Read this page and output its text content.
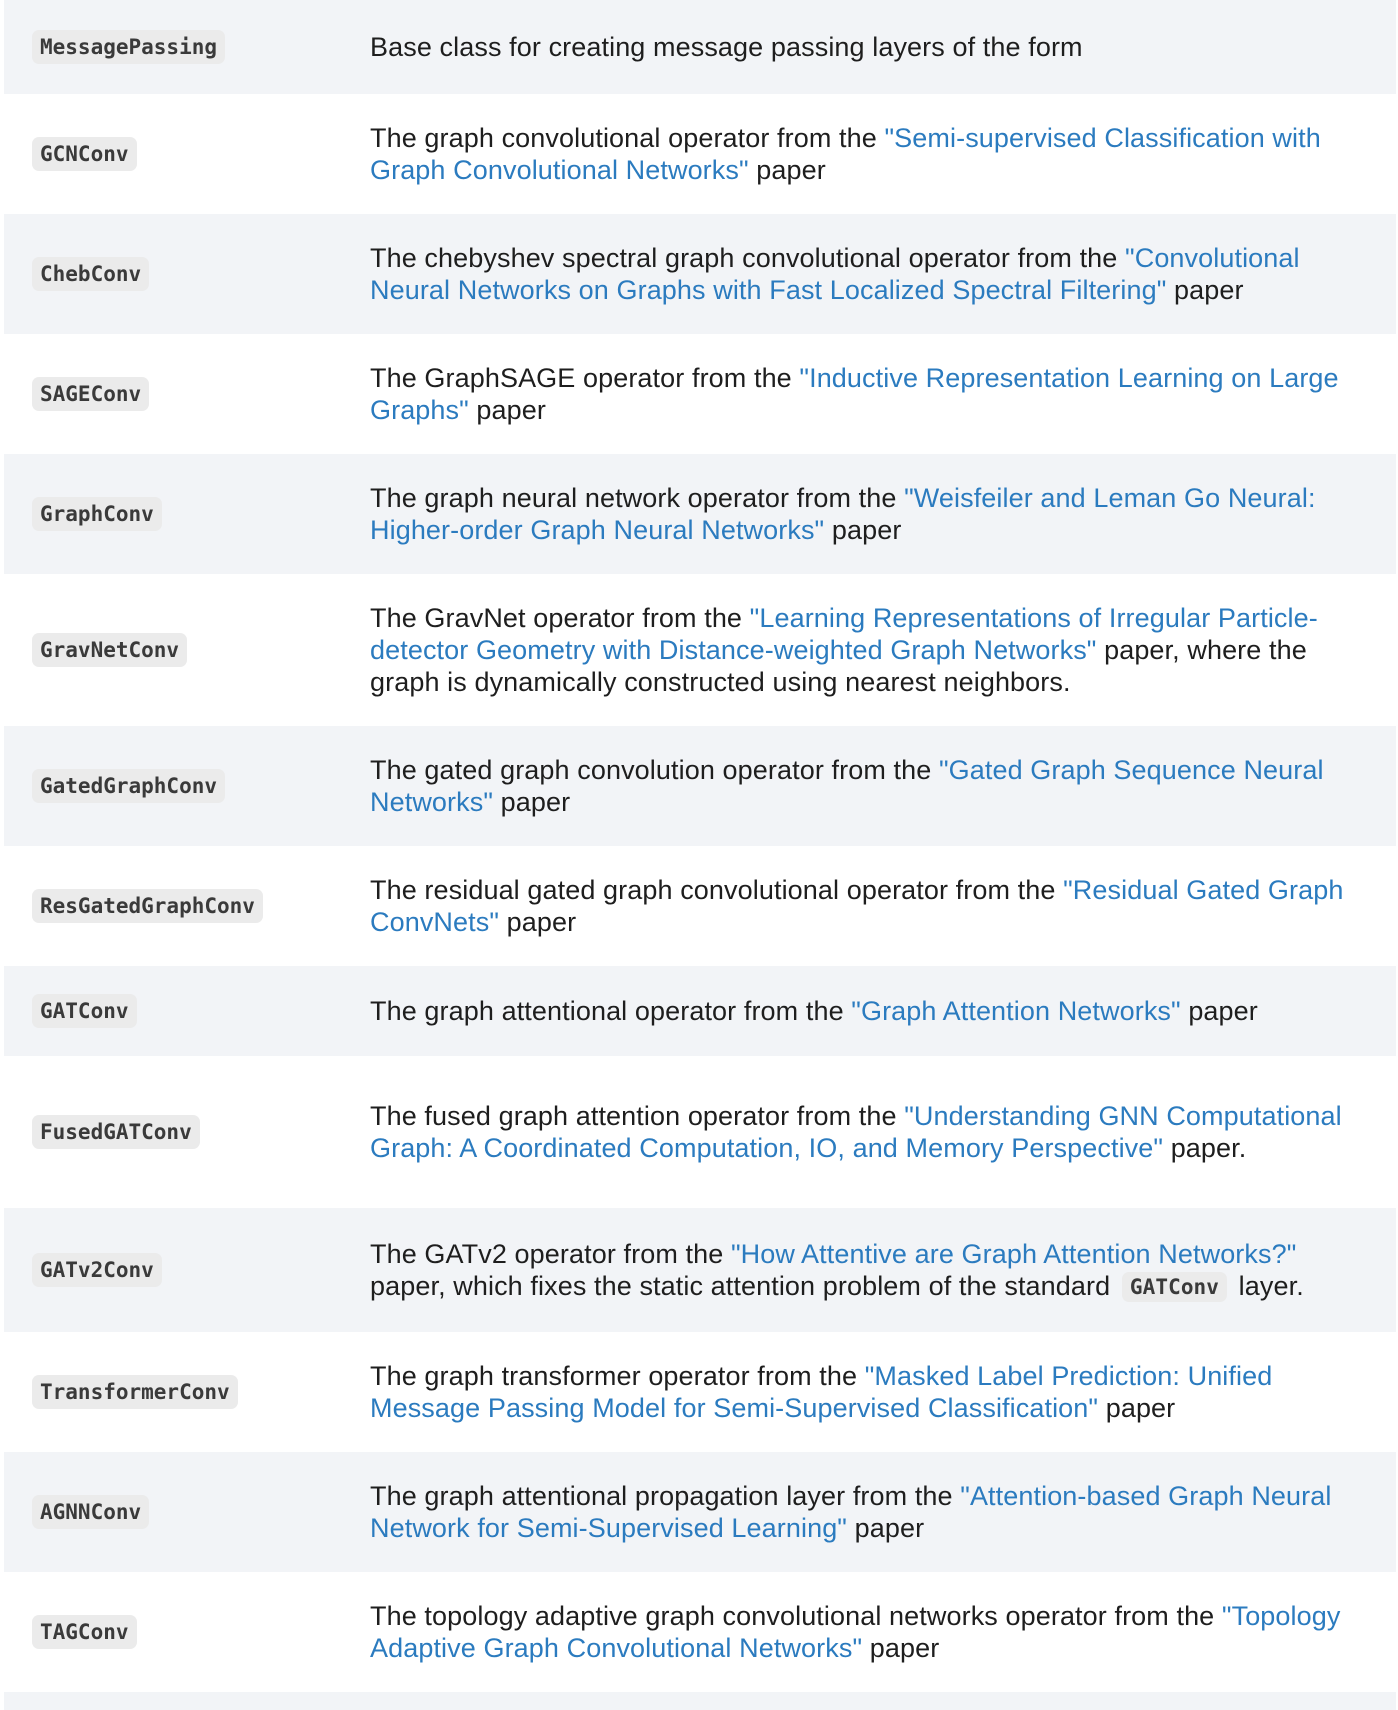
MessagePassing	Base class for creating message passing layers of the form
GCNConv
The graph convolutional operator from the "Semi-supervised Classification with Graph Convolutional Networks" paper
ChebConv
The chebyshev spectral graph convolutional operator from the "Convolutional Neural Networks on Graphs with Fast Localized Spectral Filtering" paper
SAGEConv
The GraphSAGE operator from the "Inductive Representation Learning on Large Graphs" paper
GraphConv
The graph neural network operator from the "Weisfeiler and Leman Go Neural: Higher-order Graph Neural Networks" paper
GravNetConv
The GravNet operator from the "Learning Representations of Irregular Particle-detector Geometry with Distance-weighted Graph Networks" paper, where the graph is dynamically constructed using nearest neighbors.
GatedGraphConv
The gated graph convolution operator from the "Gated Graph Sequence Neural Networks" paper
ResGatedGraphConv
The residual gated graph convolutional operator from the "Residual Gated Graph ConvNets" paper
GATConv	The graph attentional operator from the "Graph Attention Networks" paper
FusedGATConv
The fused graph attention operator from the "Understanding GNN Computational Graph: A Coordinated Computation, IO, and Memory Perspective" paper.
GATv2Conv
The GATv2 operator from the "How Attentive are Graph Attention Networks?" paper, which fixes the static attention problem of the standard GATConv layer.
TransformerConv
The graph transformer operator from the "Masked Label Prediction: Unified Message Passing Model for Semi-Supervised Classification" paper
AGNNConv
The graph attentional propagation layer from the "Attention-based Graph Neural Network for Semi-Supervised Learning" paper
TAGConv
The topology adaptive graph convolutional networks operator from the "Topology Adaptive Graph Convolutional Networks" paper
